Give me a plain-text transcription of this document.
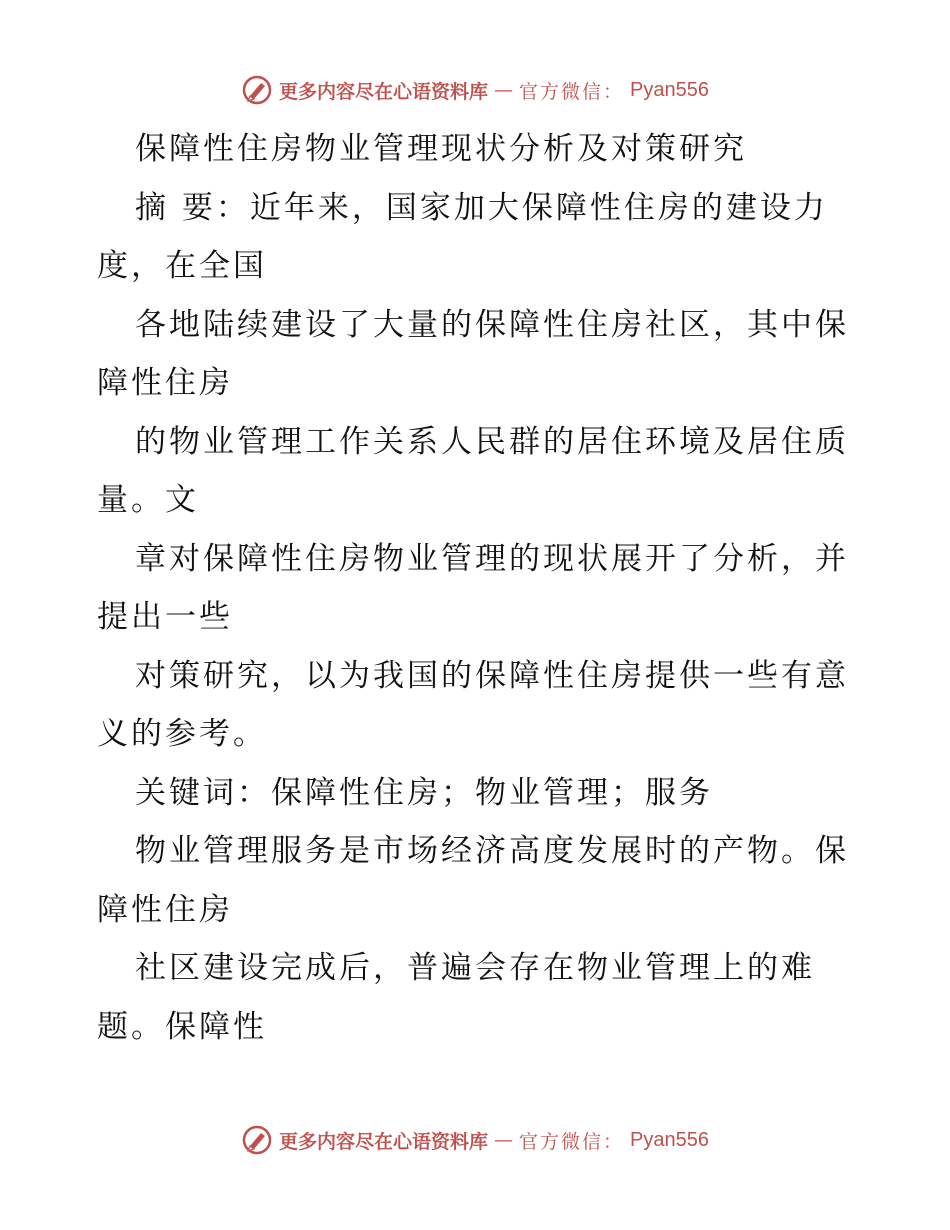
更多内容尽在心语资料库 — 官方微信： Pyan556
保障性住房物业管理现状分析及对策研究
摘 要：近年来，国家加大保障性住房的建设力
度，在全国
各地陆续建设了大量的保障性住房社区，其中保
障性住房
的物业管理工作关系人民群的居住环境及居住质
量。文
章对保障性住房物业管理的现状展开了分析，并
提出一些
对策研究，以为我国的保障性住房提供一些有意
义的参考。
关键词：保障性住房；物业管理；服务
物业管理服务是市场经济高度发展时的产物。保
障性住房
社区建设完成后，普遍会存在物业管理上的难
题。保障性
更多内容尽在心语资料库 — 官方微信： Pyan556
